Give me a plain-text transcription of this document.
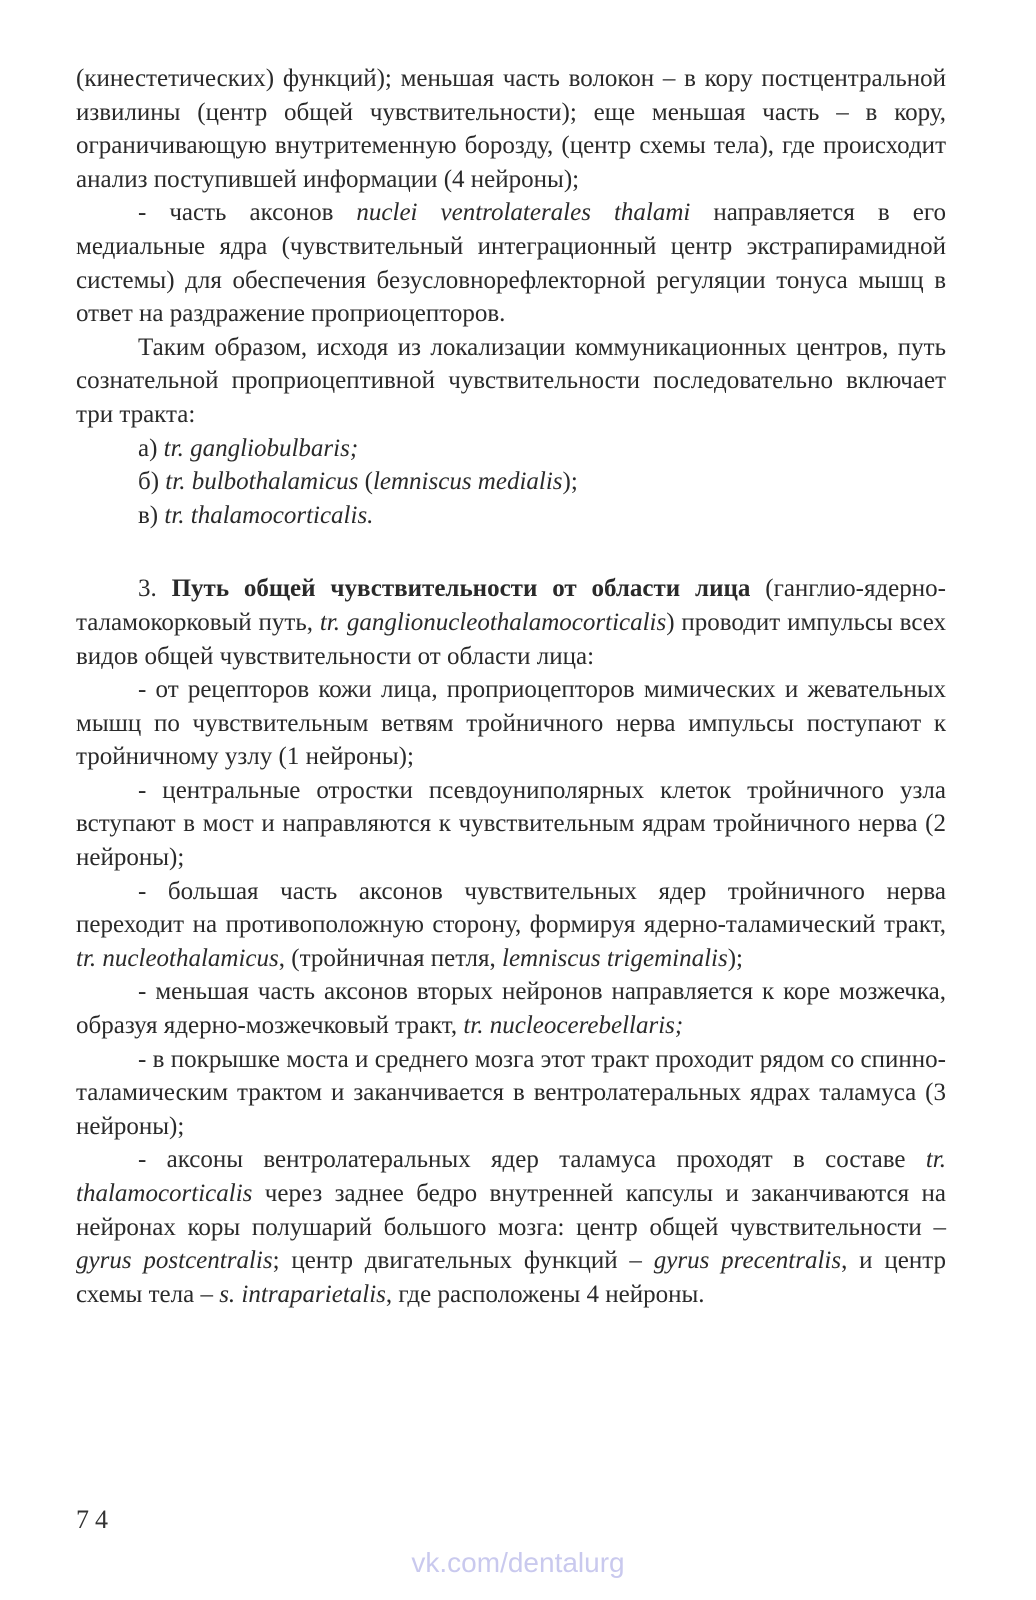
(кинестетических) функций); меньшая часть волокон – в кору постцентральной извилины (центр общей чувствительности); еще меньшая часть – в кору, ограничивающую внутритеменную борозду, (центр схемы тела), где происходит анализ поступившей информации (4 нейроны);

- часть аксонов nuclei ventrolaterales thalami направляется в его медиальные ядра (чувствительный интеграционный центр экстрапирамидной системы) для обеспечения безусловнорефлекторной регуляции тонуса мышц в ответ на раздражение проприоцепторов.

Таким образом, исходя из локализации коммуникационных центров, путь сознательной проприоцептивной чувствительности последовательно включает три тракта:

а) tr. gangliobulbaris;

б) tr. bulbothalamicus (lemniscus medialis);

в) tr. thalamocorticalis.

3. Путь общей чувствительности от области лица (ганглио-ядерно-таламокорковый путь, tr. ganglionucleothalamocorticalis) проводит импульсы всех видов общей чувствительности от области лица:

- от рецепторов кожи лица, проприоцепторов мимических и жевательных мышц по чувствительным ветвям тройничного нерва импульсы поступают к тройничному узлу (1 нейроны);

- центральные отростки псевдоуниполярных клеток тройничного узла вступают в мост и направляются к чувствительным ядрам тройничного нерва (2 нейроны);

- большая часть аксонов чувствительных ядер тройничного нерва переходит на противоположную сторону, формируя ядерно-таламический тракт, tr. nucleothalamicus, (тройничная петля, lemniscus trigeminalis);

- меньшая часть аксонов вторых нейронов направляется к коре мозжечка, образуя ядерно-мозжечковый тракт, tr. nucleocerebellaris;

- в покрышке моста и среднего мозга этот тракт проходит рядом со спинно-таламическим трактом и заканчивается в вентролатеральных ядрах таламуса (3 нейроны);

- аксоны вентролатеральных ядер таламуса проходят в составе tr. thalamocorticalis через заднее бедро внутренней капсулы и заканчиваются на нейронах коры полушарий большого мозга: центр общей чувствительности – gyrus postcentralis; центр двигательных функций – gyrus precentralis, и центр схемы тела – s. intraparietalis, где расположены 4 нейроны.

74
vk.com/dentalurg
